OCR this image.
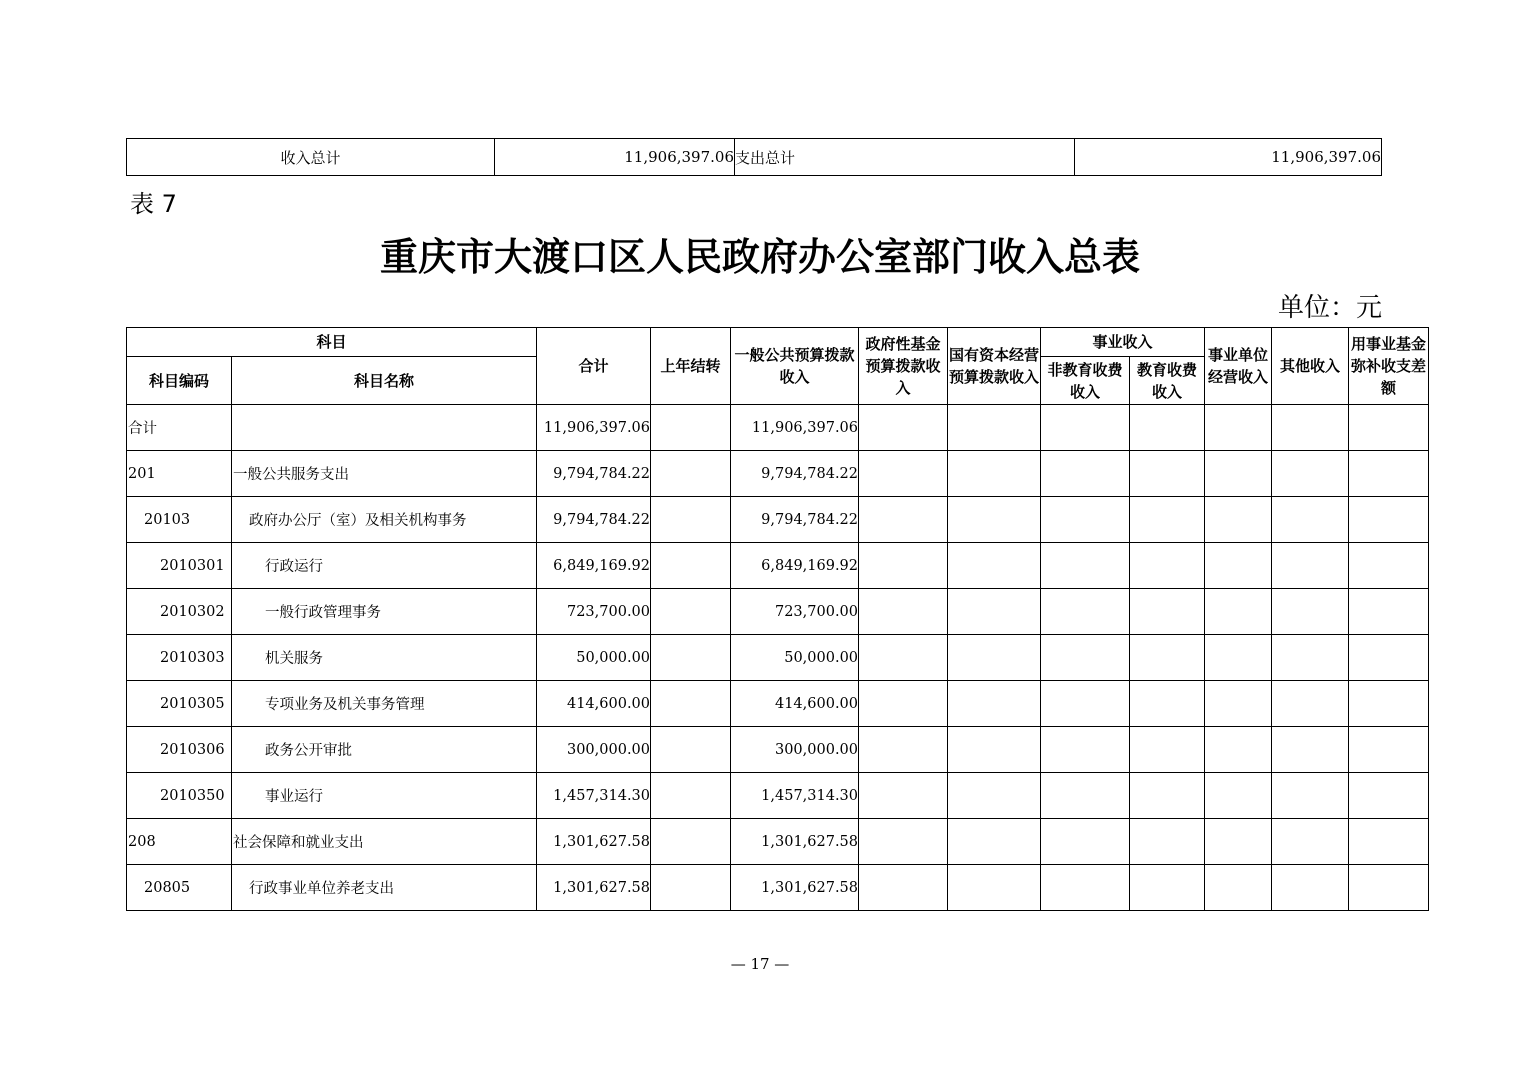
收入总计	11,906,397.06	支出总计	11,906,397.06
表 7
重庆市大渡口区人民政府办公室部门收入总表
单位：元
科目		合计	上年结转	一般公共预算拨款收入	政府性基金预算拨款收入	国有资本经营预算拨款收入	事业收入		事业单位经营收入	其他收入	用事业基金弥补收支差额
科目编码	科目名称						非教育收费收入	教育收费收入			
合计		11,906,397.06		11,906,397.06							
201	一般公共服务支出	9,794,784.22		9,794,784.22							
20103	政府办公厅（室）及相关机构事务	9,794,784.22		9,794,784.22							
2010301	行政运行	6,849,169.92		6,849,169.92							
2010302	一般行政管理事务	723,700.00		723,700.00							
2010303	机关服务	50,000.00		50,000.00							
2010305	专项业务及机关事务管理	414,600.00		414,600.00							
2010306	政务公开审批	300,000.00		300,000.00							
2010350	事业运行	1,457,314.30		1,457,314.30							
208	社会保障和就业支出	1,301,627.58		1,301,627.58							
20805	行政事业单位养老支出	1,301,627.58		1,301,627.58							
— 17 —
